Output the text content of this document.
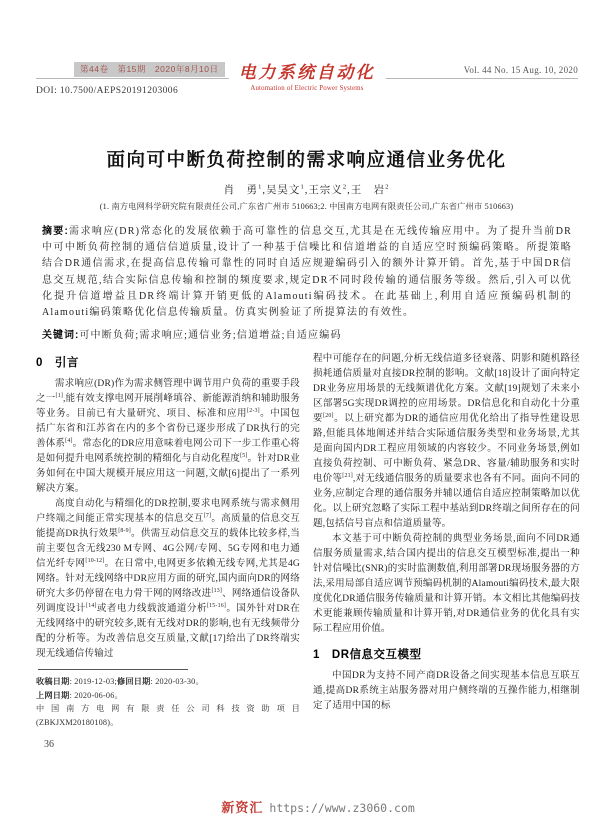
第44卷　第15期　2020年8月10日
DOI: 10.7500/AEPS20191203006
电力系统自动化
Automation of Electric Power Systems
Vol. 44 No. 15 Aug. 10, 2020
面向可中断负荷控制的需求响应通信业务优化
肖　勇$^1$,吴昊文$^1$,王宗义$^2$,王　岩$^2$
(1. 南方电网科学研究院有限责任公司,广东省广州市 510663;2. 中国南方电网有限责任公司,广东省广州市 510663)
摘要:需求响应(DR)常态化的发展依赖于高可靠性的信息交互,尤其是在无线传输应用中。为了提升当前DR中可中断负荷控制的通信信道质量,设计了一种基于信噪比和信道增益的自适应空时预编码策略。所提策略结合DR通信需求,在提高信息传输可靠性的同时自适应规避编码引入的额外计算开销。首先,基于中国DR信息交互规范,结合实际信息传输和控制的频度要求,规定DR不同时段传输的通信服务等级。然后,引入可以优化提升信道增益且DR终端计算开销更低的Alamouti编码技术。在此基础上,利用自适应预编码机制的Alamouti编码策略优化信息传输质量。仿真实例验证了所提算法的有效性。
关键词:可中断负荷;需求响应;通信业务;信道增益;自适应编码
0 引言

需求响应(DR)作为需求侧管理中调节用户负荷的重要手段之一[1],能有效支撑电网开展削峰填谷、新能源消纳和辅助服务等业务。目前已有大量研究、项目、标准和应用[2-3]。中国包括广东省和江苏省在内的多个省份已逐步形成了DR执行的完善体系[4]。常态化的DR应用意味着电网公司下一步工作重心将是如何提升电网系统控制的精细化与自动化程度[5]。针对DR业务如何在中国大规模开展应用这一问题,文献[6]提出了一系列解决方案。

高度自动化与精细化的DR控制,要求电网系统与需求侧用户终端之间能正常实现基本的信息交互[7]。高质量的信息交互能提高DR执行效果[8-9]。供需互动信息交互的载体比较多样,当前主要包含无线230 M专网、4G公网/专网、5G专网和电力通信光纤专网[10-12]。在日常中,电网更多依赖无线专网,尤其是4G网络。针对无线网络中DR应用方面的研究,国内面向DR的网络研究大多仍停留在电力骨干网的网络改进[13]、网络通信设备队列调度设计[14]或者电力线载波通道分析[15-16]。国外针对DR在无线网络中的研究较多,既有无线对DR的影响,也有无线频带分配的分析等。为改善信息交互质量,文献[17]给出了DR终端实现无线通信传输过

收稿日期: 2019-12-03;修回日期: 2020-03-30。
上网日期: 2020-06-06。
中国南方电网有限责任公司科技资助项目
(ZBKJXM20180108)。
36

程中可能存在的问题,分析无线信道多径衰落、阴影和随机路径损耗通信质量对直接DR控制的影响。文献[18]设计了面向特定DR业务应用场景的无线频谱优化方案。文献[19]规划了未来小区部署5G实现DR调控的应用场景。DR信息化和自动化十分重要[20]。以上研究都为DR的通信应用优化给出了指导性建设思路,但能具体地阐述并结合实际通信服务类型和业务场景,尤其是面向国内DR工程应用领域的内容较少。不同业务场景,例如直接负荷控制、可中断负荷、紧急DR、容量/辅助服务和实时电价等[21],对无线通信服务的质量要求也各有不同。面向不同的业务,应制定合理的通信服务并辅以通信自适应控制策略加以优化。以上研究忽略了实际工程中基站到DR终端之间所存在的问题,包括信号盲点和信道质量等。

本文基于可中断负荷控制的典型业务场景,面向不同DR通信服务质量需求,结合国内提出的信息交互模型标准,提出一种针对信噪比(SNR)的实时监测数值,利用部署DR现场服务器的方法,采用局部自适应调节预编码机制的Alamouti编码技术,最大限度优化DR通信服务传输质量和计算开销。本文相比其他编码技术更能兼顾传输质量和计算开销,对DR通信业务的优化具有实际工程应用价值。

1 DR信息交互模型

中国DR为支持不同产商DR设备之间实现基本信息互联互通,提高DR系统主站服务器对用户侧终端的互操作能力,相继制定了适用中国的标

新资汇 https://www.z3060.com
